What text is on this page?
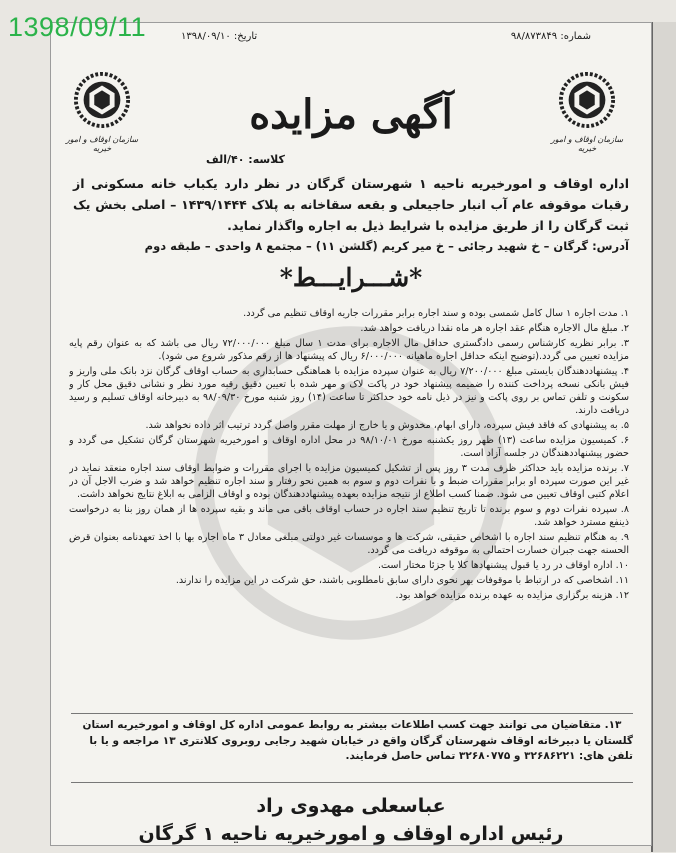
1398/09/11	شماره: ۹۸/۸۷۳۸۴۹
تاریخ: ۱۳۹۸/۰۹/۱۰
سازمان اوقاف و امور خیریه
سازمان اوقاف و امور خیریه
آگهی مزایده
کلاسه: ۴۰/الف
اداره اوقاف و امورخیریه ناحیه ۱ شهرستان گرگان در نظر دارد یکباب خانه مسکونی از رقبات موقوفه عام آب انبار حاجیعلی و بقعه سقاخانه به پلاک ۱۴۳۹/۱۴۴۴ – اصلی بخش یک ثبت گرگان را از طریق مزایده با شرایط ذیل به اجاره واگذار نماید.
آدرس: گرگان – خ شهید رجائی – خ میر کریم (گلشن ۱۱) – مجتمع ۸ واحدی – طبقه دوم
*شـــرایـــط*
۱. مدت اجاره ۱ سال کامل شمسی بوده و سند اجاره برابر مقررات جاریه اوقاف تنظیم می گردد.
۲. مبلغ مال الاجاره هنگام عقد اجاره هر ماه نقدا دریافت خواهد شد.
۳. برابر نظریه کارشناس رسمی دادگستری حداقل مال الاجاره برای مدت ۱ سال مبلغ ۷۲/۰۰۰/۰۰۰ ریال می باشد که به عنوان رقم پایه مزایده تعیین می گردد.(توضیح اینکه حداقل اجاره ماهیانه ۶/۰۰۰/۰۰۰ ریال که پیشنهاد ها از رقم مذکور شروع می شود).
۴. پیشنهاددهندگان بایستی مبلغ ۷/۲۰۰/۰۰۰ ریال به عنوان سپرده مزایده با هماهنگی حسابداری به حساب اوقاف گرگان نزد بانک ملی واریز و فیش بانکی نسخه پرداخت کننده را ضمیمه پیشنهاد خود در پاکت لاک و مهر شده با تعیین دقیق رقبه مورد نظر و نشانی دقیق محل کار و سکونت و تلفن تماس بر روی پاکت و نیز در ذیل نامه خود حداکثر تا ساعت (۱۴) روز شنبه مورخ ۹۸/۰۹/۳۰ به دبیرخانه اوقاف تسلیم و رسید دریافت دارند.
۵. به پیشنهادی که فاقد فیش سپرده، دارای ابهام، مخدوش و یا خارج از مهلت مقرر واصل گردد ترتیب اثر داده نخواهد شد.
۶. کمیسیون مزایده ساعت (۱۳) ظهر روز یکشنبه مورخ ۹۸/۱۰/۰۱ در محل اداره اوقاف و امورخیریه شهرستان گرگان تشکیل می گردد و حضور پیشنهاددهندگان در جلسه آزاد است.
۷. برنده مزایده باید حداکثر ظرف مدت ۳ روز پس از تشکیل کمیسیون مزایده با اجرای مقررات و ضوابط اوقاف سند اجاره منعقد نماید در غیر این صورت سپرده او برابر مقررات ضبط و با نفرات دوم و سوم به همین نحو رفتار و سند اجاره تنظیم خواهد شد و ضرب الاجل آن در اعلام کتبی اوقاف تعیین می شود. ضمنا کسب اطلاع از نتیجه مزایده بعهده پیشنهاددهندگان بوده و اوقاف الزامی به ابلاغ نتایج نخواهد داشت.
۸. سپرده نفرات دوم و سوم برنده تا تاریخ تنظیم سند اجاره در حساب اوقاف باقی می ماند و بقیه سپرده ها از همان روز بنا به درخواست ذینفع مسترد خواهد شد.
۹. به هنگام تنظیم سند اجاره با اشخاص حقیقی، شرکت ها و موسسات غیر دولتی مبلغی معادل ۳ ماه اجاره بها با اخذ تعهدنامه بعنوان قرض الحسنه جهت جبران خسارت احتمالی به موقوفه دریافت می گردد.
۱۰. اداره اوقاف در رد یا قبول پیشنهادها کلا یا جزئا مختار است.
۱۱. اشخاصی که در ارتباط با موقوفات بهر نحوی دارای سابق نامطلوبی باشند، حق شرکت در این مزایده را ندارند.
۱۲. هزینه برگزاری مزایده به عهده برنده مزایده خواهد بود.
۱۳. متقاضیان می توانند جهت کسب اطلاعات بیشتر به روابط عمومی اداره کل اوقاف و امورخیریه استان
گلستان یا دبیرخانه اوقاف شهرستان گرگان واقع در خیابان شهید رجایی روبروی کلانتری ۱۳ مراجعه و یا با
تلفن های: ۳۲۶۸۶۲۲۱ و ۳۲۶۸۰۷۷۵ تماس حاصل فرمایند.
عباسعلی مهدوی راد
رئیس اداره اوقاف و امورخیریه ناحیه ۱ گرگان
